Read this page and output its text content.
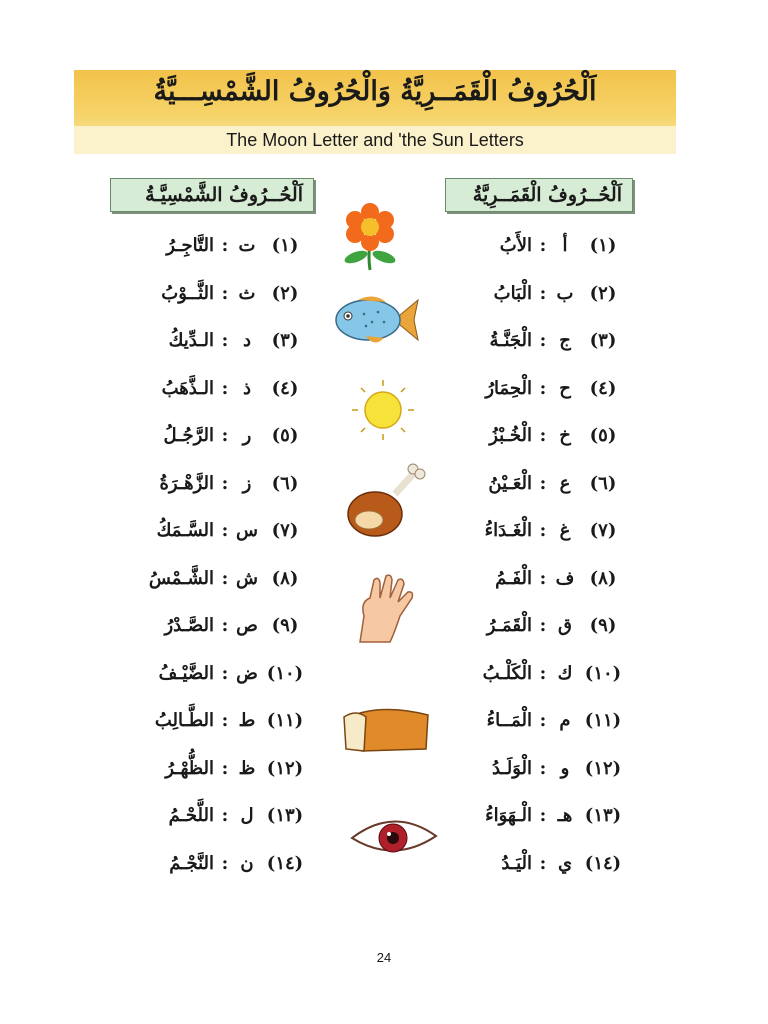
اَلْحُرُوفُ الْقَمَــرِيَّةُ وَالْحُرُوفُ الشَّمْسِـــيَّةُ
The Moon Letter and 'the Sun Letters
اَلْحُــرُوفُ الْقَمَــرِيَّةُ
اَلْحُــرُوفُ الشَّمْسِيَّـةُ
(١)أ:الأَبُ
(٢)ب:الْبَابُ
(٣)ج:الْجَنَّـةُ
(٤)ح:الْحِمَارُ
(٥)خ:الْخُـبْزُ
(٦)ع:الْعَـيْنُ
(٧)غ:الْغَـدَاءُ
(٨)ف:الْفَـمُ
(٩)ق:الْقَمَـرُ
(١٠)ك:الْكَلْـبُ
(١١)م:الْمَــاءُ
(١٢)و:الْوَلَـدُ
(١٣)هـ:الْـهَوَاءُ
(١٤)ي:الْيَـدُ
(١)ت:التَّاجِـرُ
(٢)ث:الثَّــوْبُ
(٣)د:الـدِّيكُ
(٤)ذ:الـذَّهَبُ
(٥)ر:الرَّجُـلُ
(٦)ز:الزَّهْـرَةُ
(٧)س:السَّـمَكُ
(٨)ش:الشَّـمْسُ
(٩)ص:الصَّـدْرُ
(١٠)ض:الضَّيْـفُ
(١١)ط:الطَّـالِبُ
(١٢)ظ:الظُّهْـرُ
(١٣)ل:اللَّحْـمُ
(١٤)ن:النَّجْـمُ
24
